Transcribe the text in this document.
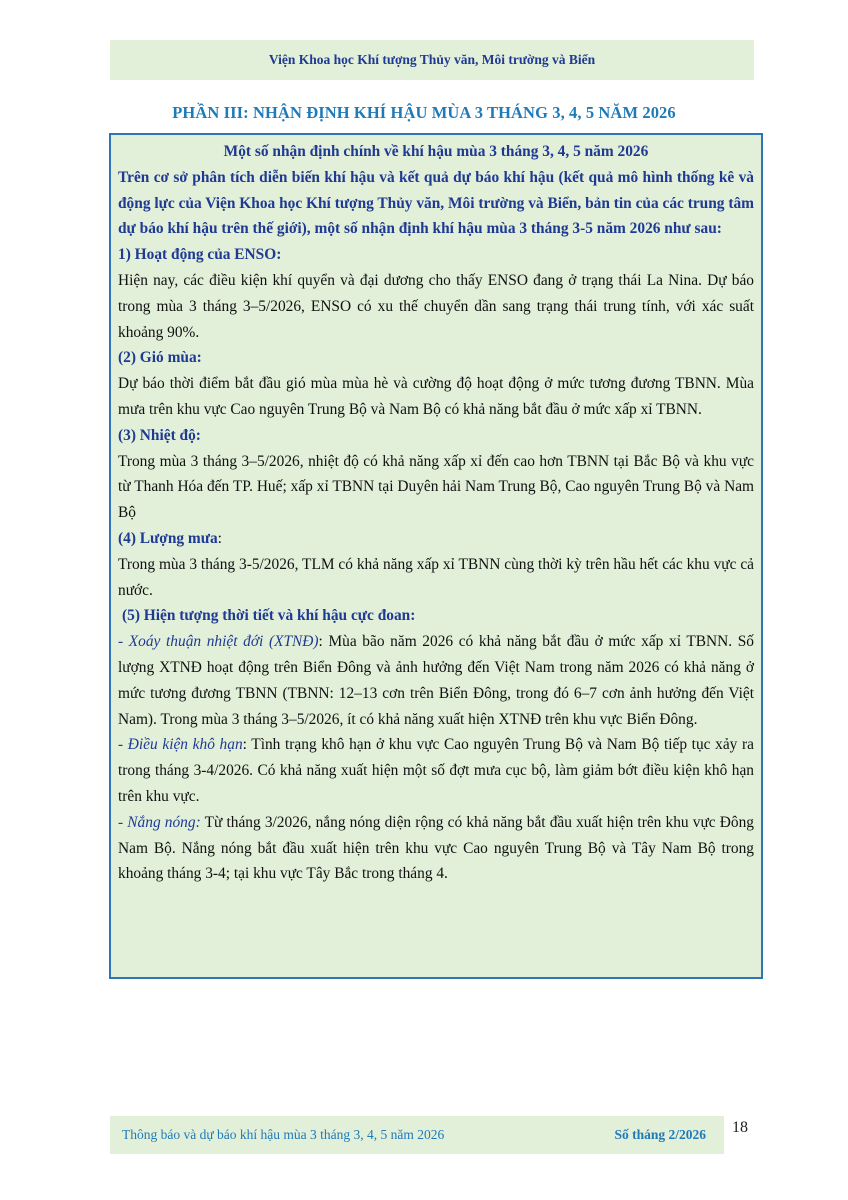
Viện Khoa học Khí tượng Thủy văn, Môi trường và Biển
PHẦN III: NHẬN ĐỊNH KHÍ HẬU MÙA 3 THÁNG 3, 4, 5 NĂM 2026

Một số nhận định chính về khí hậu mùa 3 tháng 3, 4, 5 năm 2026

Trên cơ sở phân tích diễn biến khí hậu và kết quả dự báo khí hậu (kết quả mô hình thống kê và động lực của Viện Khoa học Khí tượng Thủy văn, Môi trường và Biển, bản tin của các trung tâm dự báo khí hậu trên thế giới), một số nhận định khí hậu mùa 3 tháng 3-5 năm 2026 như sau:

1) Hoạt động của ENSO:

Hiện nay, các điều kiện khí quyển và đại dương cho thấy ENSO đang ở trạng thái La Nina. Dự báo trong mùa 3 tháng 3–5/2026, ENSO có xu thế chuyển dần sang trạng thái trung tính, với xác suất khoảng 90%.

(2) Gió mùa:

Dự báo thời điểm bắt đầu gió mùa mùa hè và cường độ hoạt động ở mức tương đương TBNN. Mùa mưa trên khu vực Cao nguyên Trung Bộ và Nam Bộ có khả năng bắt đầu ở mức xấp xỉ TBNN.

(3) Nhiệt độ:

Trong mùa 3 tháng 3–5/2026, nhiệt độ có khả năng xấp xỉ đến cao hơn TBNN tại Bắc Bộ và khu vực từ Thanh Hóa đến TP. Huế; xấp xỉ TBNN tại Duyên hải Nam Trung Bộ, Cao nguyên Trung Bộ và Nam Bộ

(4) Lượng mưa:

Trong mùa 3 tháng 3-5/2026, TLM có khả năng xấp xỉ TBNN cùng thời kỳ trên hầu hết các khu vực cả nước.

(5) Hiện tượng thời tiết và khí hậu cực đoan:

- Xoáy thuận nhiệt đới (XTNĐ): Mùa bão năm 2026 có khả năng bắt đầu ở mức xấp xỉ TBNN. Số lượng XTNĐ hoạt động trên Biển Đông và ảnh hưởng đến Việt Nam trong năm 2026 có khả năng ở mức tương đương TBNN (TBNN: 12–13 cơn trên Biển Đông, trong đó 6–7 cơn ảnh hưởng đến Việt Nam). Trong mùa 3 tháng 3–5/2026, ít có khả năng xuất hiện XTNĐ trên khu vực Biển Đông.

- Điều kiện khô hạn: Tình trạng khô hạn ở khu vực Cao nguyên Trung Bộ và Nam Bộ tiếp tục xảy ra trong tháng 3-4/2026. Có khả năng xuất hiện một số đợt mưa cục bộ, làm giảm bớt điều kiện khô hạn trên khu vực.

- Nắng nóng: Từ tháng 3/2026, nắng nóng diện rộng có khả năng bắt đầu xuất hiện trên khu vực Đông Nam Bộ. Nắng nóng bắt đầu xuất hiện trên khu vực Cao nguyên Trung Bộ và Tây Nam Bộ trong khoảng tháng 3-4; tại khu vực Tây Bắc trong tháng 4.

Thông báo và dự báo khí hậu mùa 3 tháng 3, 4, 5 năm 2026	Số tháng 2/2026 18
